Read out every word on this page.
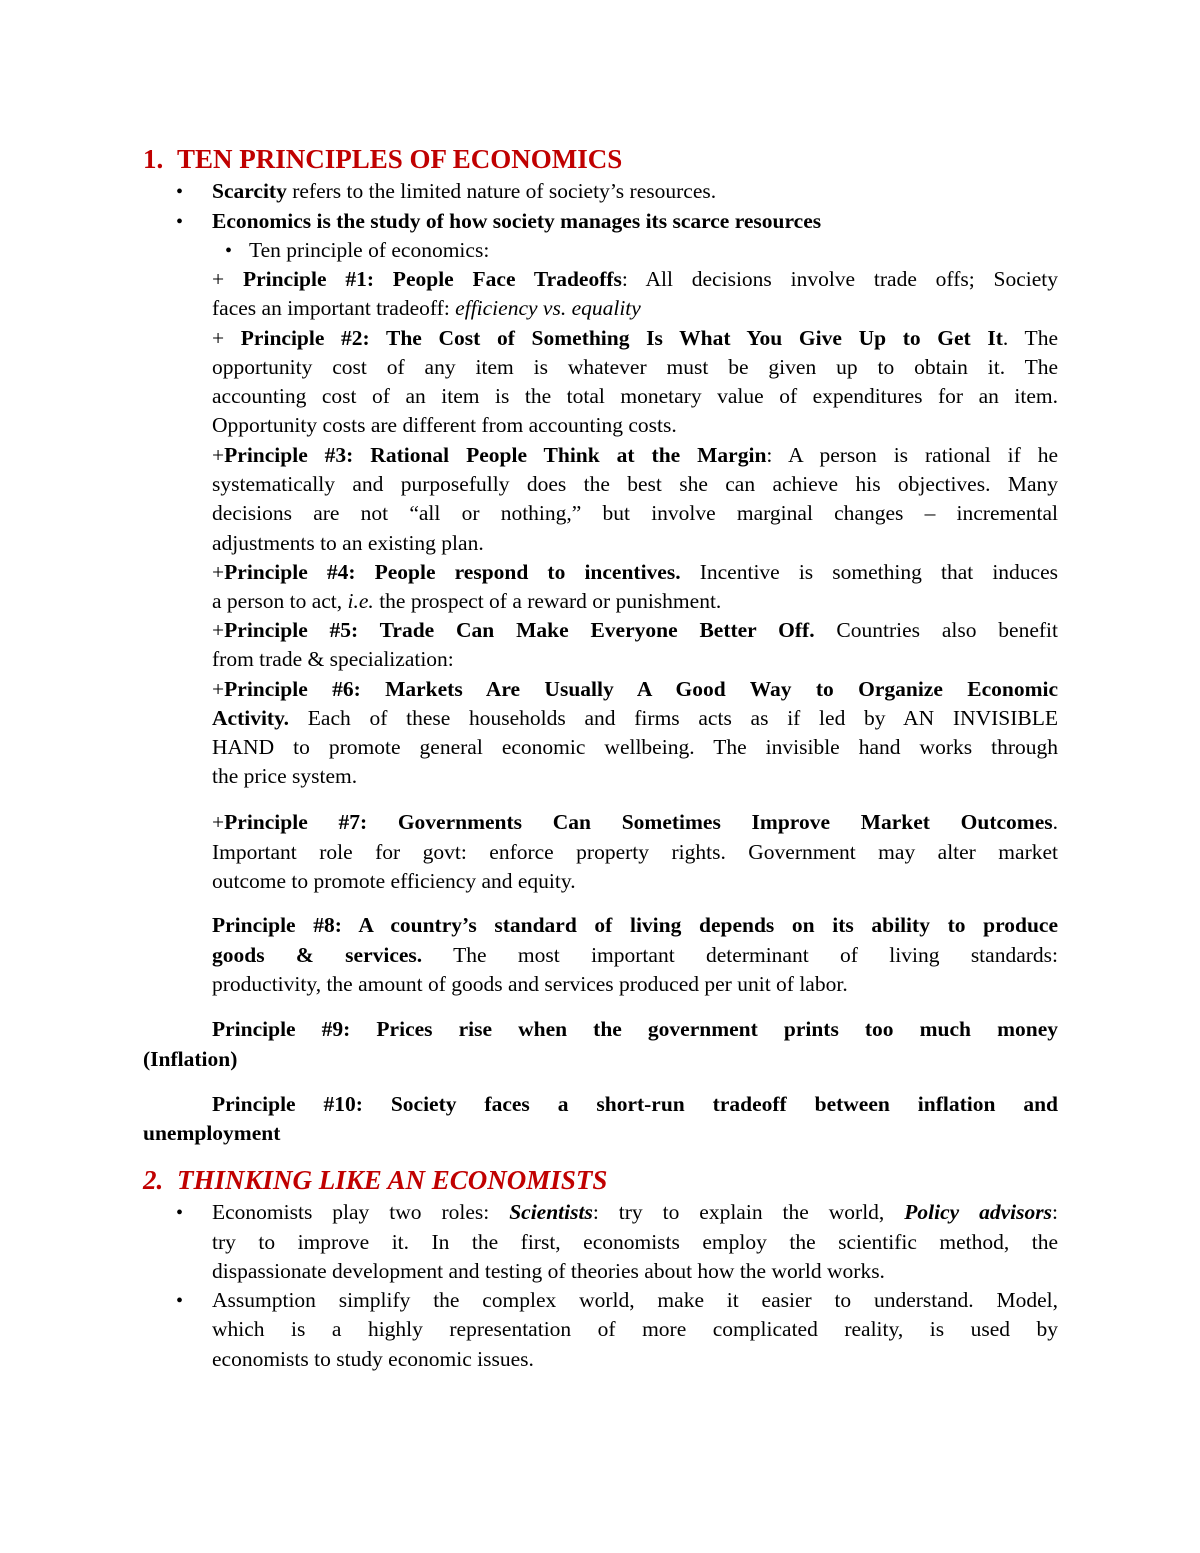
1. TEN PRINCIPLES OF ECONOMICS
• Scarcity refers to the limited nature of society’s resources.
• Economics is the study of how society manages its scarce resources
• Ten principle of economics:
+ Principle #1: People Face Tradeoffs: All decisions involve trade offs; Society
faces an important tradeoff: efficiency vs. equality
+ Principle #2: The Cost of Something Is What You Give Up to Get It. The
opportunity cost of any item is whatever must be given up to obtain it. The
accounting cost of an item is the total monetary value of expenditures for an item.
Opportunity costs are different from accounting costs.
+Principle #3: Rational People Think at the Margin: A person is rational if he
systematically and purposefully does the best she can achieve his objectives. Many
decisions are not “all or nothing,” but involve marginal changes – incremental
adjustments to an existing plan.
+Principle #4: People respond to incentives. Incentive is something that induces
a person to act, i.e. the prospect of a reward or punishment.
+Principle #5: Trade Can Make Everyone Better Off. Countries also benefit
from trade & specialization:
+Principle #6: Markets Are Usually A Good Way to Organize Economic
Activity. Each of these households and firms acts as if led by AN INVISIBLE
HAND to promote general economic wellbeing. The invisible hand works through
the price system.
+Principle #7: Governments Can Sometimes Improve Market Outcomes.
Important role for govt: enforce property rights. Government may alter market
outcome to promote efficiency and equity.
Principle #8: A country’s standard of living depends on its ability to produce
goods & services. The most important determinant of living standards:
productivity, the amount of goods and services produced per unit of labor.
Principle #9: Prices rise when the government prints too much money
(Inflation)
Principle #10: Society faces a short-run tradeoff between inflation and
unemployment
2. THINKING LIKE AN ECONOMISTS
• Economists play two roles: Scientists: try to explain the world, Policy advisors:
try to improve it. In the first, economists employ the scientific method, the
dispassionate development and testing of theories about how the world works.
• Assumption simplify the complex world, make it easier to understand. Model,
which is a highly representation of more complicated reality, is used by
economists to study economic issues.
